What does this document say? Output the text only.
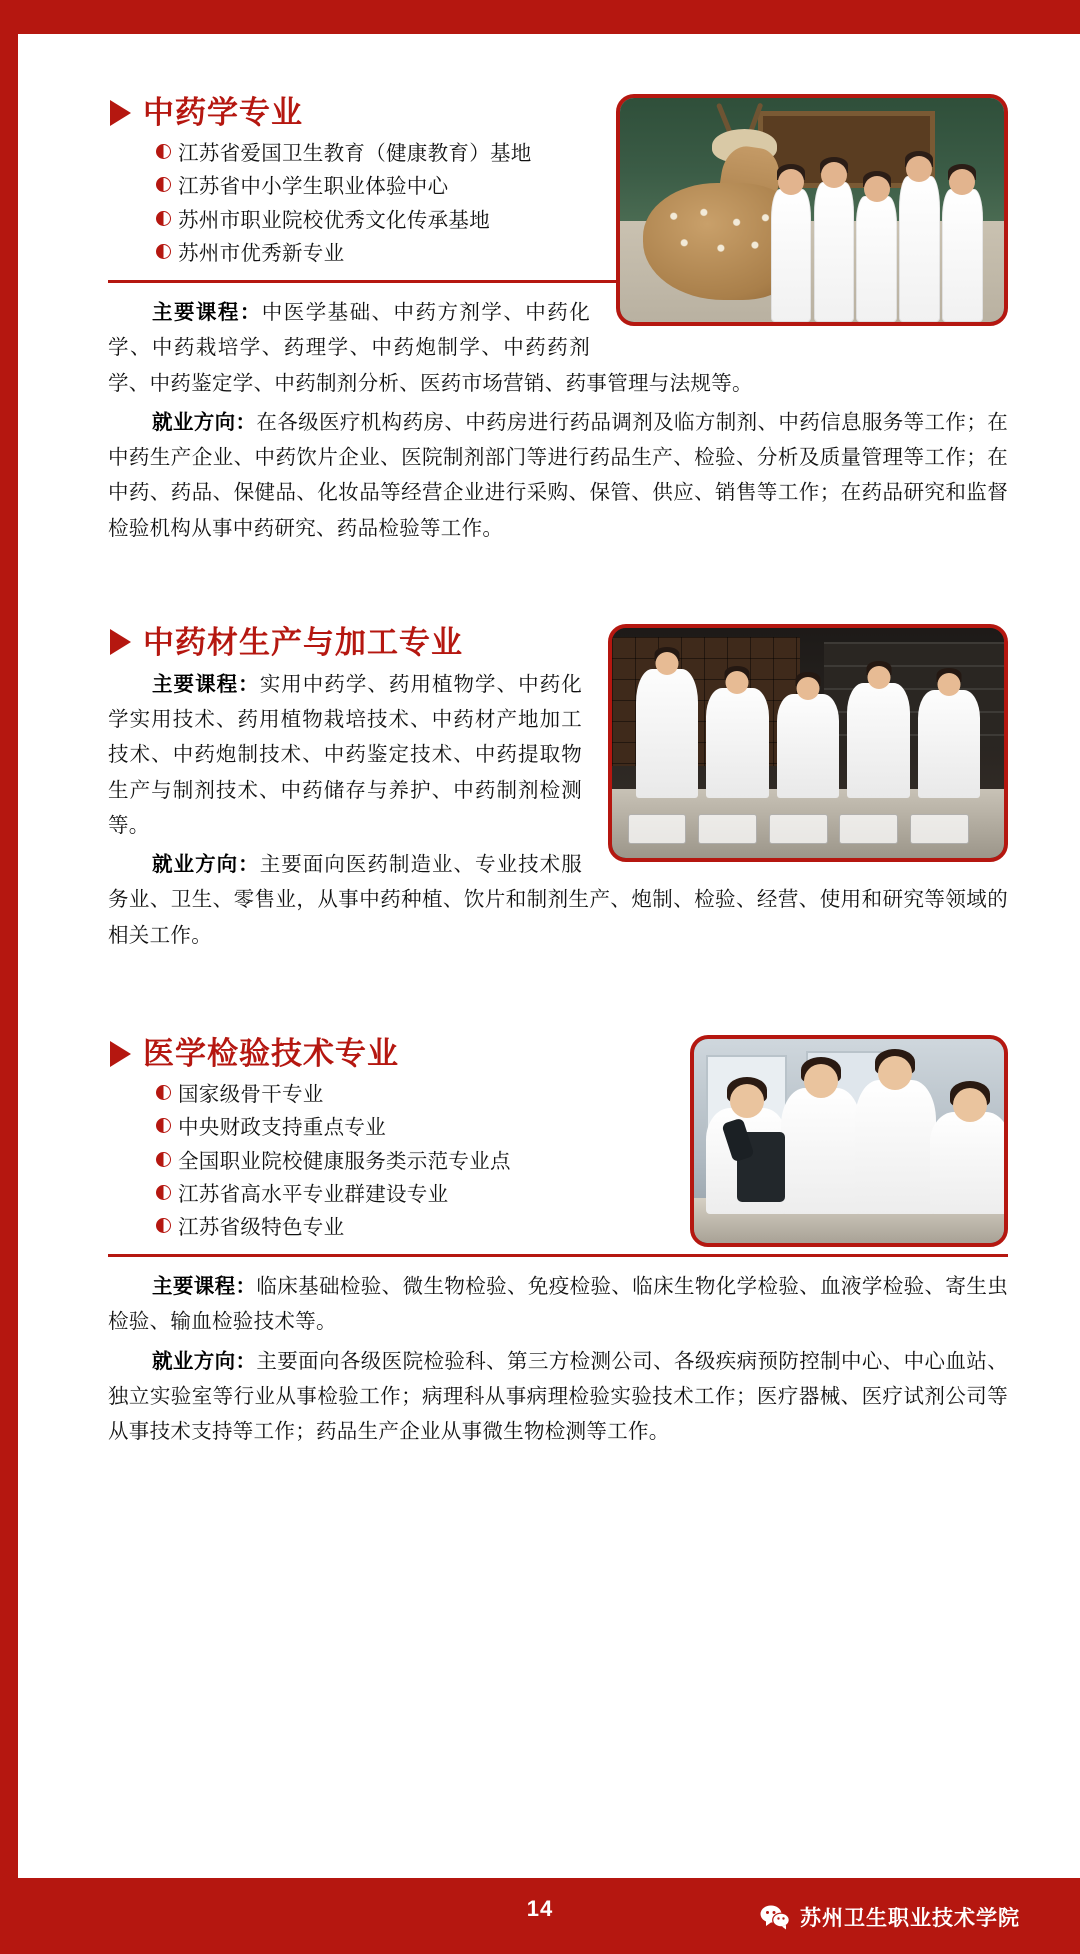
中药学专业
江苏省爱国卫生教育（健康教育）基地
江苏省中小学生职业体验中心
苏州市职业院校优秀文化传承基地
苏州市优秀新专业

主要课程：中医学基础、中药方剂学、中药化学、中药栽培学、药理学、中药炮制学、中药药剂学、中药鉴定学、中药制剂分析、医药市场营销、药事管理与法规等。

就业方向：在各级医疗机构药房、中药房进行药品调剂及临方制剂、中药信息服务等工作；在中药生产企业、中药饮片企业、医院制剂部门等进行药品生产、检验、分析及质量管理等工作；在中药、药品、保健品、化妆品等经营企业进行采购、保管、供应、销售等工作；在药品研究和监督检验机构从事中药研究、药品检验等工作。

中药材生产与加工专业

主要课程：实用中药学、药用植物学、中药化学实用技术、药用植物栽培技术、中药材产地加工技术、中药炮制技术、中药鉴定技术、中药提取物生产与制剂技术、中药储存与养护、中药制剂检测等。

就业方向：主要面向医药制造业、专业技术服务业、卫生、零售业，从事中药种植、饮片和制剂生产、炮制、检验、经营、使用和研究等领域的相关工作。

医学检验技术专业
国家级骨干专业
中央财政支持重点专业
全国职业院校健康服务类示范专业点
江苏省高水平专业群建设专业
江苏省级特色专业

主要课程：临床基础检验、微生物检验、免疫检验、临床生物化学检验、血液学检验、寄生虫检验、输血检验技术等。

就业方向：主要面向各级医院检验科、第三方检测公司、各级疾病预防控制中心、中心血站、独立实验室等行业从事检验工作；病理科从事病理检验实验技术工作；医疗器械、医疗试剂公司等从事技术支持等工作；药品生产企业从事微生物检测等工作。

14	苏州卫生职业技术学院
